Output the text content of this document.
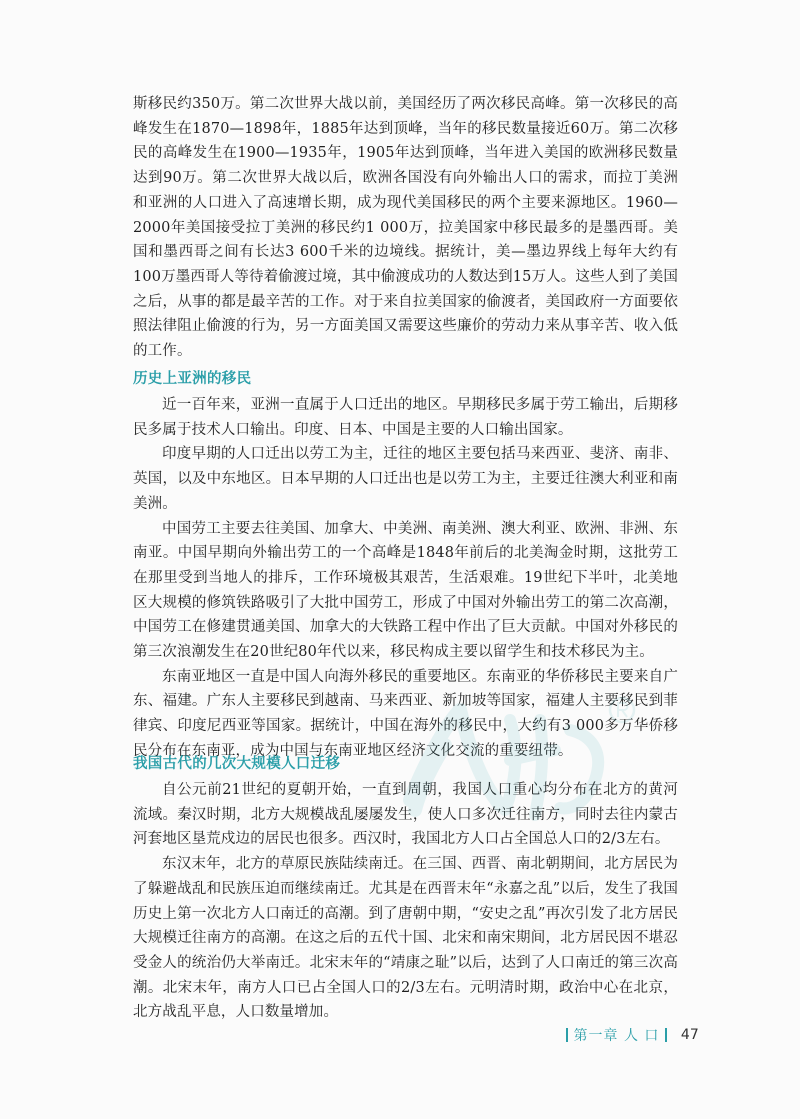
斯移民约350万。第二次世界大战以前，美国经历了两次移民高峰。第一次移民的高峰发生在1870—1898年，1885年达到顶峰，当年的移民数量接近60万。第二次移民的高峰发生在1900—1935年，1905年达到顶峰，当年进入美国的欧洲移民数量达到90万。第二次世界大战以后，欧洲各国没有向外输出人口的需求，而拉丁美洲和亚洲的人口进入了高速增长期，成为现代美国移民的两个主要来源地区。1960—2000年美国接受拉丁美洲的移民约1 000万，拉美国家中移民最多的是墨西哥。美国和墨西哥之间有长达3 600千米的边境线。据统计，美—墨边界线上每年大约有100万墨西哥人等待着偷渡过境，其中偷渡成功的人数达到15万人。这些人到了美国之后，从事的都是最辛苦的工作。对于来自拉美国家的偷渡者，美国政府一方面要依照法律阻止偷渡的行为，另一方面美国又需要这些廉价的劳动力来从事辛苦、收入低的工作。

历史上亚洲的移民

近一百年来，亚洲一直属于人口迁出的地区。早期移民多属于劳工输出，后期移民多属于技术人口输出。印度、日本、中国是主要的人口输出国家。

印度早期的人口迁出以劳工为主，迁往的地区主要包括马来西亚、斐济、南非、英国，以及中东地区。日本早期的人口迁出也是以劳工为主，主要迁往澳大利亚和南美洲。

中国劳工主要去往美国、加拿大、中美洲、南美洲、澳大利亚、欧洲、非洲、东南亚。中国早期向外输出劳工的一个高峰是1848年前后的北美淘金时期，这批劳工在那里受到当地人的排斥，工作环境极其艰苦，生活艰难。19世纪下半叶，北美地区大规模的修筑铁路吸引了大批中国劳工，形成了中国对外输出劳工的第二次高潮，中国劳工在修建贯通美国、加拿大的大铁路工程中作出了巨大贡献。中国对外移民的第三次浪潮发生在20世纪80年代以来，移民构成主要以留学生和技术移民为主。

东南亚地区一直是中国人向海外移民的重要地区。东南亚的华侨移民主要来自广东、福建。广东人主要移民到越南、马来西亚、新加坡等国家，福建人主要移民到菲律宾、印度尼西亚等国家。据统计，中国在海外的移民中，大约有3 000多万华侨移民分布在东南亚，成为中国与东南亚地区经济文化交流的重要纽带。

我国古代的几次大规模人口迁移

自公元前21世纪的夏朝开始，一直到周朝，我国人口重心均分布在北方的黄河流域。秦汉时期，北方大规模战乱屡屡发生，使人口多次迁往南方，同时去往内蒙古河套地区垦荒戍边的居民也很多。西汉时，我国北方人口占全国总人口的2/3左右。

东汉末年，北方的草原民族陆续南迁。在三国、西晋、南北朝期间，北方居民为了躲避战乱和民族压迫而继续南迁。尤其是在西晋末年“永嘉之乱”以后，发生了我国历史上第一次北方人口南迁的高潮。到了唐朝中期，“安史之乱”再次引发了北方居民大规模迁往南方的高潮。在这之后的五代十国、北宋和南宋期间，北方居民因不堪忍受金人的统治仍大举南迁。北宋末年的“靖康之耻”以后，达到了人口南迁的第三次高潮。北宋末年，南方人口已占全国人口的2/3左右。元明清时期，政治中心在北京，北方战乱平息，人口数量增加。

第一章 人 口 47
